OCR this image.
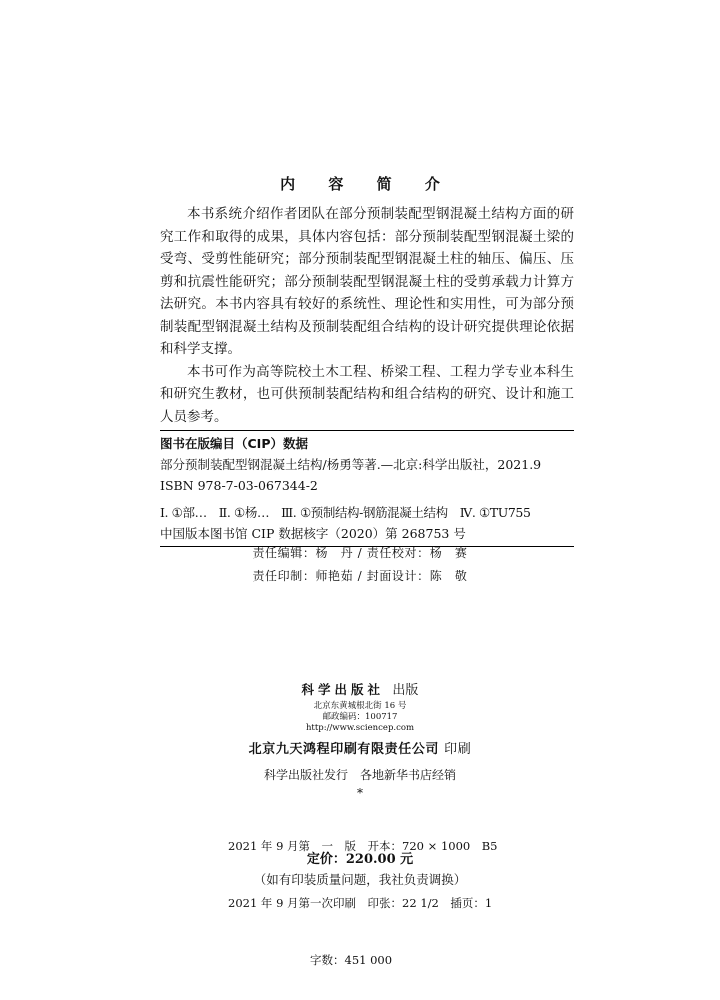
内 容 简 介

本书系统介绍作者团队在部分预制装配型钢混凝土结构方面的研究工作和取得的成果，具体内容包括：部分预制装配型钢混凝土梁的受弯、受剪性能研究；部分预制装配型钢混凝土柱的轴压、偏压、压剪和抗震性能研究；部分预制装配型钢混凝土柱的受剪承载力计算方法研究。本书内容具有较好的系统性、理论性和实用性，可为部分预制装配型钢混凝土结构及预制装配组合结构的设计研究提供理论依据和科学支撑。

本书可作为高等院校土木工程、桥梁工程、工程力学专业本科生和研究生教材，也可供预制装配结构和组合结构的研究、设计和施工人员参考。

图书在版编目（CIP）数据
部分预制装配型钢混凝土结构/杨勇等著.—北京:科学出版社，2021.9
ISBN 978-7-03-067344-2
Ⅰ. ①部…　Ⅱ. ①杨…　Ⅲ. ①预制结构-钢筋混凝土结构　Ⅳ. ①TU755
中国版本图书馆 CIP 数据核字（2020）第 268753 号
责任编辑：杨　丹 / 责任校对：杨　赛
责任印制：师艳茹 / 封面设计：陈　敬
科学出版社 出版
北京东黄城根北街 16 号
邮政编码：100717
http://www.sciencep.com
北京九天鸿程印刷有限责任公司 印刷
科学出版社发行　各地新华书店经销
*

2021 年 9 月第　一　版　开本：720 × 1000　B5

2021 年 9 月第一次印刷　印张：22 1/2　插页：1

字数：451 000

定价：220.00 元
（如有印装质量问题，我社负责调换）
